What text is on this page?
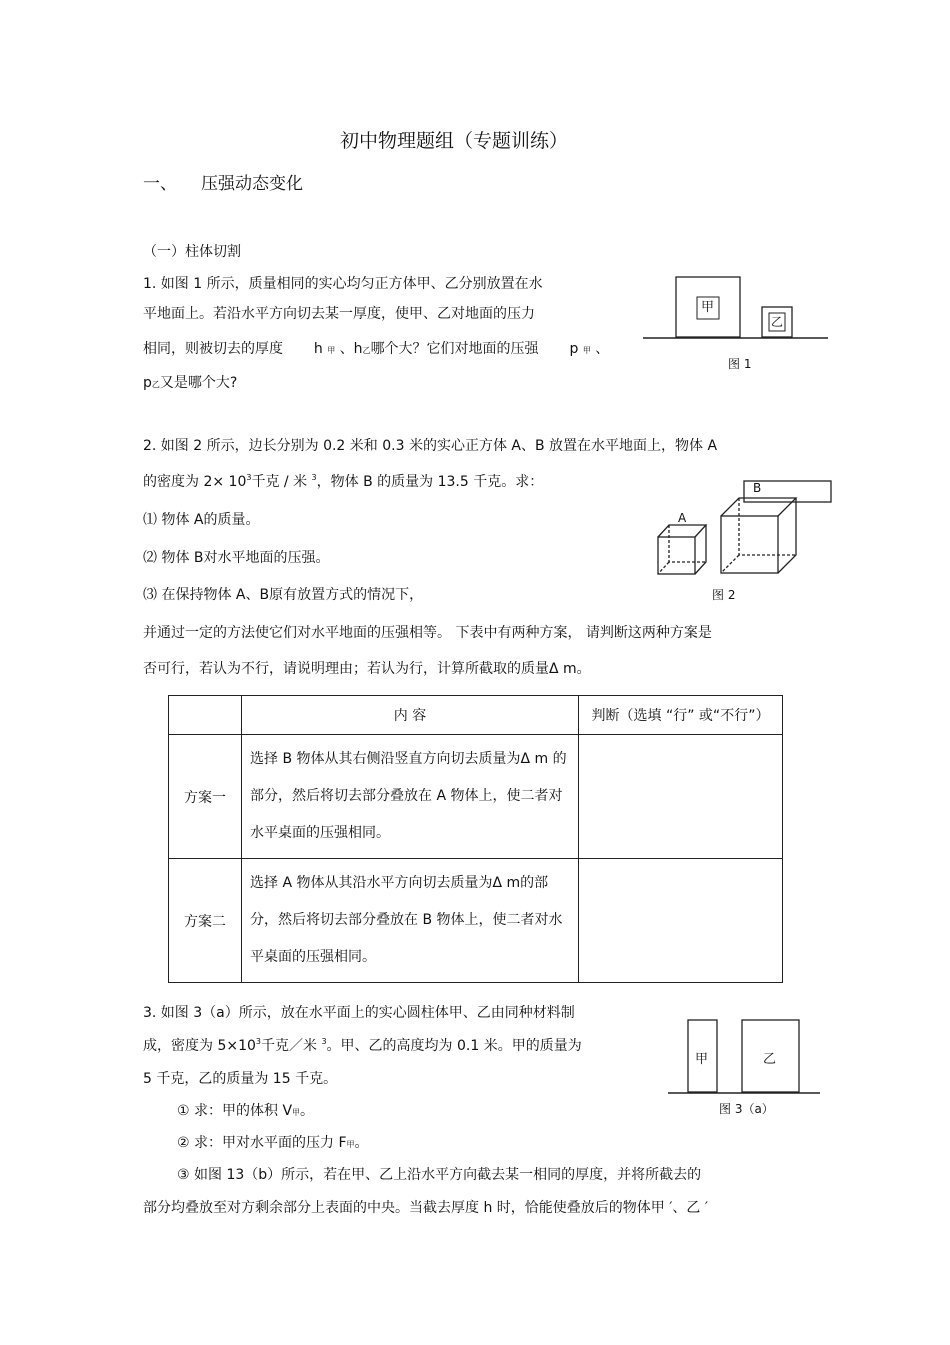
初中物理题组（专题训练）
一、 压强动态变化
（一）柱体切割
1. 如图 1 所示，质量相同的实心均匀正方体甲、乙分别放置在水
平地面上。若沿水平方向切去某一厚度，使甲、乙对地面的压力
相同，则被切去的厚度 h 甲 、h乙哪个大？它们对地面的压强 p 甲 、
p乙又是哪个大?
甲
乙
图 1
2. 如图 2 所示，边长分别为 0.2 米和 0.3 米的实心正方体 A、B 放置在水平地面上，物体 A
的密度为 $2\times 10^3$千克 / 米 $^3$，物体 B 的质量为 13.5 千克。求：
⑴ 物体 A的质量。
⑵ 物体 B对水平地面的压强。
⑶ 在保持物体 A、B原有放置方式的情况下，
并通过一定的方法使它们对水平地面的压强相等。 下表中有两种方案， 请判断这两种方案是
否可行，若认为不行，请说明理由；若认为行，计算所截取的质量Δ m。
A
B
图 2
	内 容	判断（选填 “行” 或“不行”）
方案一	选择 B 物体从其右侧沿竖直方向切去质量为Δ m 的部分，然后将切去部分叠放在 A 物体上，使二者对水平桌面的压强相同。	
方案二	选择 A 物体从其沿水平方向切去质量为Δ m的部分，然后将切去部分叠放在 B 物体上，使二者对水平桌面的压强相同。	
3. 如图 3（a）所示，放在水平面上的实心圆柱体甲、乙由同种材料制
成，密度为 $5\times 10^3$千克／米 $^3$。甲、乙的高度均为 0.1 米。甲的质量为
5 千克，乙的质量为 15 千克。
① 求：甲的体积 V甲。
② 求：甲对水平面的压力 F甲。
③ 如图 13（b）所示，若在甲、乙上沿水平方向截去某一相同的厚度，并将所截去的
部分均叠放至对方剩余部分上表面的中央。当截去厚度 h 时，恰能使叠放后的物体甲 ′、乙 ′
甲	乙
图 3（a）
